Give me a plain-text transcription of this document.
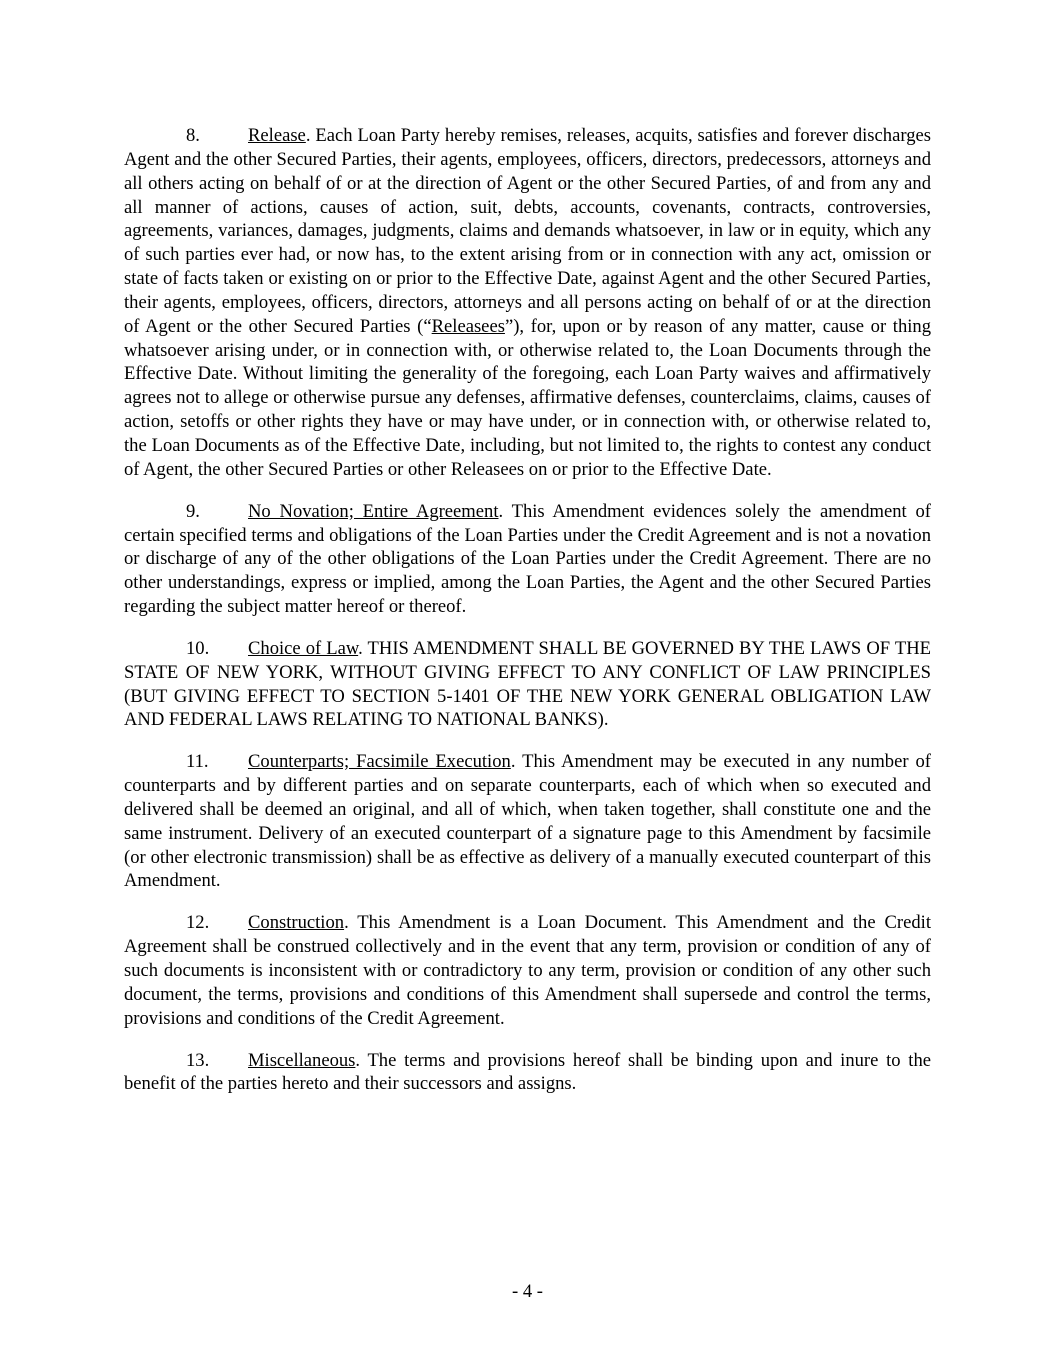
8.	Release. Each Loan Party hereby remises, releases, acquits, satisfies and forever discharges Agent and the other Secured Parties, their agents, employees, officers, directors, predecessors, attorneys and all others acting on behalf of or at the direction of Agent or the other Secured Parties, of and from any and all manner of actions, causes of action, suit, debts, accounts, covenants, contracts, controversies, agreements, variances, damages, judgments, claims and demands whatsoever, in law or in equity, which any of such parties ever had, or now has, to the extent arising from or in connection with any act, omission or state of facts taken or existing on or prior to the Effective Date, against Agent and the other Secured Parties, their agents, employees, officers, directors, attorneys and all persons acting on behalf of or at the direction of Agent or the other Secured Parties (“Releasees”), for, upon or by reason of any matter, cause or thing whatsoever arising under, or in connection with, or otherwise related to, the Loan Documents through the Effective Date. Without limiting the generality of the foregoing, each Loan Party waives and affirmatively agrees not to allege or otherwise pursue any defenses, affirmative defenses, counterclaims, claims, causes of action, setoffs or other rights they have or may have under, or in connection with, or otherwise related to, the Loan Documents as of the Effective Date, including, but not limited to, the rights to contest any conduct of Agent, the other Secured Parties or other Releasees on or prior to the Effective Date.

9.	No Novation; Entire Agreement. This Amendment evidences solely the amendment of certain specified terms and obligations of the Loan Parties under the Credit Agreement and is not a novation or discharge of any of the other obligations of the Loan Parties under the Credit Agreement. There are no other understandings, express or implied, among the Loan Parties, the Agent and the other Secured Parties regarding the subject matter hereof or thereof.

10. Choice of Law. THIS AMENDMENT SHALL BE GOVERNED BY THE LAWS OF THE STATE OF NEW YORK, WITHOUT GIVING EFFECT TO ANY CONFLICT OF LAW PRINCIPLES (BUT GIVING EFFECT TO SECTION 5-1401 OF THE NEW YORK GENERAL OBLIGATION LAW AND FEDERAL LAWS RELATING TO NATIONAL BANKS).

11. Counterparts; Facsimile Execution. This Amendment may be executed in any number of counterparts and by different parties and on separate counterparts, each of which when so executed and delivered shall be deemed an original, and all of which, when taken together, shall constitute one and the same instrument. Delivery of an executed counterpart of a signature page to this Amendment by facsimile (or other electronic transmission) shall be as effective as delivery of a manually executed counterpart of this Amendment.

12. Construction. This Amendment is a Loan Document. This Amendment and the Credit Agreement shall be construed collectively and in the event that any term, provision or condition of any of such documents is inconsistent with or contradictory to any term, provision or condition of any other such document, the terms, provisions and conditions of this Amendment shall supersede and control the terms, provisions and conditions of the Credit Agreement.

13. Miscellaneous. The terms and provisions hereof shall be binding upon and inure to the benefit of the parties hereto and their successors and assigns.

- 4 -
